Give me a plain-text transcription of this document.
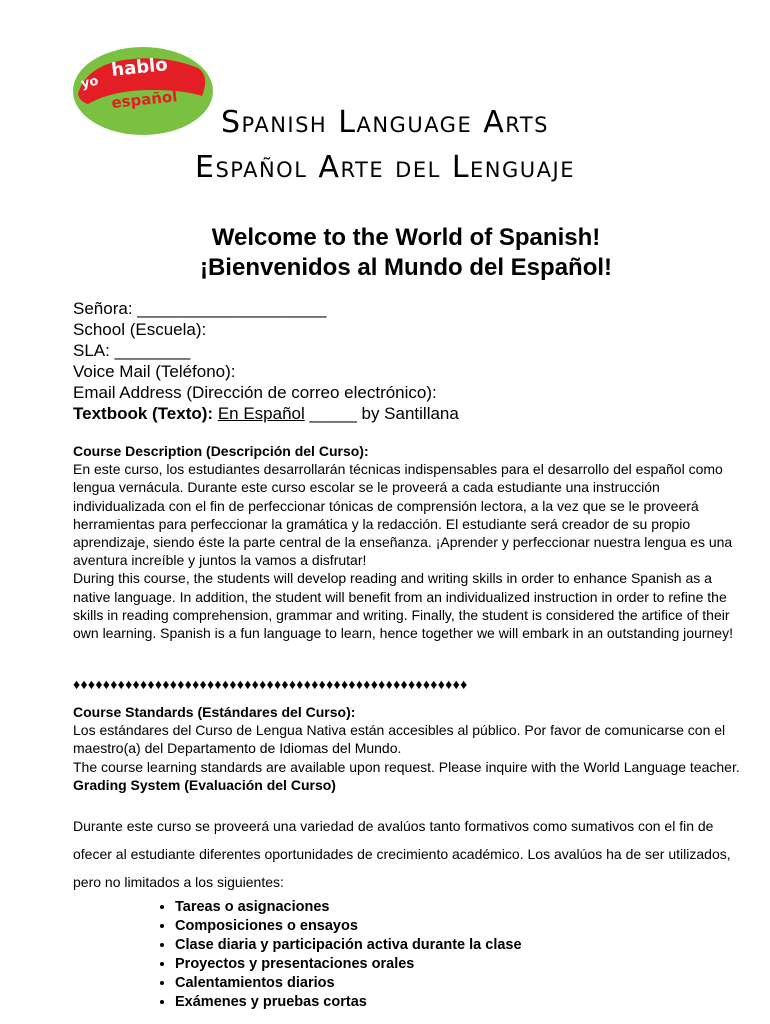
yo
hablo
español
Spanish Language Arts
Español Arte del Lenguaje
Welcome to the World of Spanish!
¡Bienvenidos al Mundo del Español!
Señora: ____________________
School (Escuela):
SLA: ________
Voice Mail (Teléfono):
Email Address (Dirección de correo electrónico):
Textbook (Texto): En Español _____ by Santillana
Course Description (Descripción del Curso):
En este curso, los estudiantes desarrollarán técnicas indispensables para el desarrollo del español como lengua vernácula. Durante este curso escolar se le proveerá a cada estudiante una instrucción individualizada con el fin de perfeccionar tónicas de comprensión lectora, a la vez que se le proveerá herramientas para perfeccionar la gramática y la redacción. El estudiante será creador de su propio aprendizaje, siendo éste la parte central de la enseñanza. ¡Aprender y perfeccionar nuestra lengua es una aventura increíble y juntos la vamos a disfrutar!
During this course, the students will develop reading and writing skills in order to enhance Spanish as a native language. In addition, the student will benefit from an individualized instruction in order to refine the skills in reading comprehension, grammar and writing. Finally, the student is considered the artifice of their own learning. Spanish is a fun language to learn, hence together we will embark in an outstanding journey!
♦♦♦♦♦♦♦♦♦♦♦♦♦♦♦♦♦♦♦♦♦♦♦♦♦♦♦♦♦♦♦♦♦♦♦♦♦♦♦♦♦♦♦♦♦♦♦♦♦♦♦♦♦
Course Standards (Estándares del Curso):
Los estándares del Curso de Lengua Nativa están accesibles al público. Por favor de comunicarse con el maestro(a) del Departamento de Idiomas del Mundo.
The course learning standards are available upon request. Please inquire with the World Language teacher.
Grading System (Evaluación del Curso)
Durante este curso se proveerá una variedad de avalúos tanto formativos como sumativos con el fin de ofecer al estudiante diferentes oportunidades de crecimiento académico. Los avalúos ha de ser utilizados, pero no limitados a los siguientes:
• Tareas o asignaciones
• Composiciones o ensayos
• Clase diaria y participación activa durante la clase
• Proyectos y presentaciones orales
• Calentamientos diarios
• Exámenes y pruebas cortas
